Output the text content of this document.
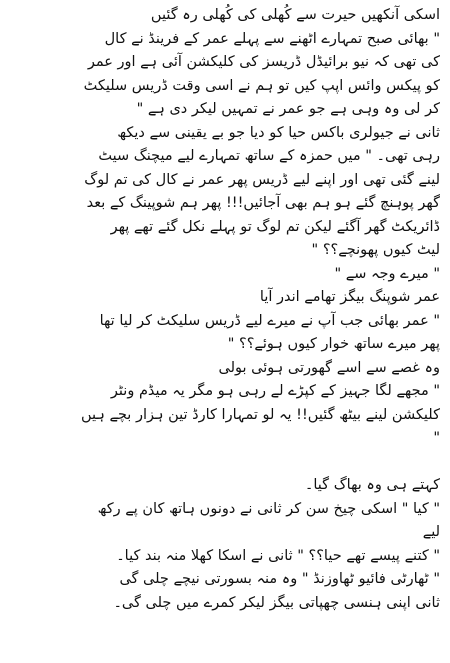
اسکی آنکھیں حیرت سے کُھلی کی کُھلی رہ گئیں
" بھائی صبح تمہارے اٹھنے سے پہلے عمر کے فرینڈ نے کال
کی تھی کہ نیو برائیڈل ڈریسز کی کلیکشن آئی ہے اور عمر
کو پیکس وائس اپپ کیں تو ہم نے اسی وقت ڈریس سلیکٹ
کر لی وہ وہی ہے جو عمر نے تمہیں لیکر دی ہے "
ثانی نے جیولری باکس حیا کو دیا جو بے یقینی سے دیکھ
رہی تھی۔ " میں حمزہ کے ساتھ تمہارے لیے میچنگ سیٹ
لینے گئی تھی اور اپنے لیے ڈریس پھر عمر نے کال کی تم لوگ
گھر پوہنچ گئے ہو ہم بھی آجائیں!!! پھر ہم شوپینگ کے بعد
ڈائریکٹ گھر آگئے لیکن تم لوگ تو پہلے نکل گئے تھے پھر
لیٹ کیوں پھونچے؟؟ "
" میرے وجہ سے "
عمر شوپنگ بیگز تھامے اندر آیا
" عمر بھائی جب آپ نے میرے لیے ڈریس سلیکٹ کر لیا تھا
پھر میرے ساتھ خوار کیوں ہوئے؟؟ "
وہ غصے سے اسے گھورتی ہوئی بولی
" مجھے لگا جہیز کے کپڑے لے رہی ہو مگر یہ میڈم ونٹر
کلیکشن لینے بیٹھ گئیں!! یہ لو تمہارا کارڈ تین ہزار بچے ہیں
"
کہتے ہی وہ بھاگ گیا۔
" کیا " اسکی چیخ سن کر ثانی نے دونوں ہاتھ کان پے رکھ
لیے
" کتنے پیسے تھے حیا؟؟ " ثانی نے اسکا کھلا منہ بند کیا۔
" ٹھارٹی فائیو ٹھاوزنڈ " وہ منہ بسورتی نیچے چلی گی
ثانی اپنی ہنسی چھپاتی بیگز لیکر کمرے میں چلی گی۔
